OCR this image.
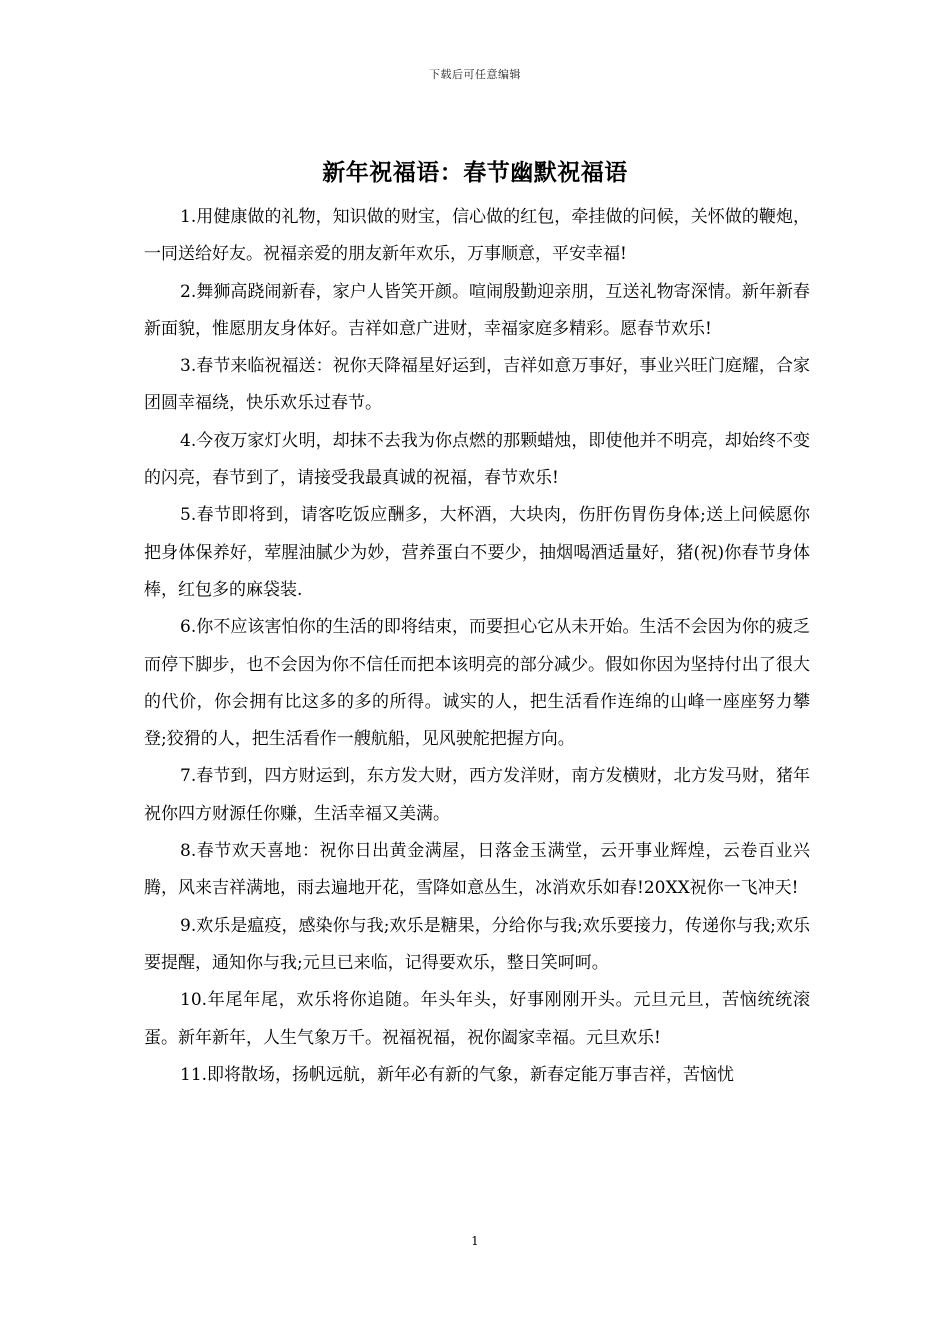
下载后可任意编辑
新年祝福语：春节幽默祝福语

1.用健康做的礼物，知识做的财宝，信心做的红包，牵挂做的问候，关怀做的鞭炮，一同送给好友。祝福亲爱的朋友新年欢乐，万事顺意，平安幸福!

2.舞狮高跷闹新春，家户人皆笑开颜。喧闹殷勤迎亲朋，互送礼物寄深情。新年新春新面貌，惟愿朋友身体好。吉祥如意广进财，幸福家庭多精彩。愿春节欢乐!

3.春节来临祝福送：祝你天降福星好运到，吉祥如意万事好，事业兴旺门庭耀，合家团圆幸福绕，快乐欢乐过春节。

4.今夜万家灯火明，却抹不去我为你点燃的那颗蜡烛，即使他并不明亮，却始终不变的闪亮，春节到了，请接受我最真诚的祝福，春节欢乐!

5.春节即将到，请客吃饭应酬多，大杯酒，大块肉，伤肝伤胃伤身体;送上问候愿你把身体保养好，荤腥油腻少为妙，营养蛋白不要少，抽烟喝酒适量好，猪(祝)你春节身体棒，红包多的麻袋装.

6.你不应该害怕你的生活的即将结束，而要担心它从未开始。生活不会因为你的疲乏而停下脚步，也不会因为你不信任而把本该明亮的部分减少。假如你因为坚持付出了很大的代价，你会拥有比这多的多的所得。诚实的人，把生活看作连绵的山峰一座座努力攀登;狡猾的人，把生活看作一艘航船，见风驶舵把握方向。

7.春节到，四方财运到，东方发大财，西方发洋财，南方发横财，北方发马财，猪年祝你四方财源任你赚，生活幸福又美满。

8.春节欢天喜地：祝你日出黄金满屋，日落金玉满堂，云开事业辉煌，云卷百业兴腾，风来吉祥满地，雨去遍地开花，雪降如意丛生，冰消欢乐如春!20XX祝你一飞冲天!

9.欢乐是瘟疫，感染你与我;欢乐是糖果，分给你与我;欢乐要接力，传递你与我;欢乐要提醒，通知你与我;元旦已来临，记得要欢乐，整日笑呵呵。

10.年尾年尾，欢乐将你追随。年头年头，好事刚刚开头。元旦元旦，苦恼统统滚蛋。新年新年，人生气象万千。祝福祝福，祝你阖家幸福。元旦欢乐!

11.即将散场，扬帆远航，新年必有新的气象，新春定能万事吉祥，苦恼忧

1
